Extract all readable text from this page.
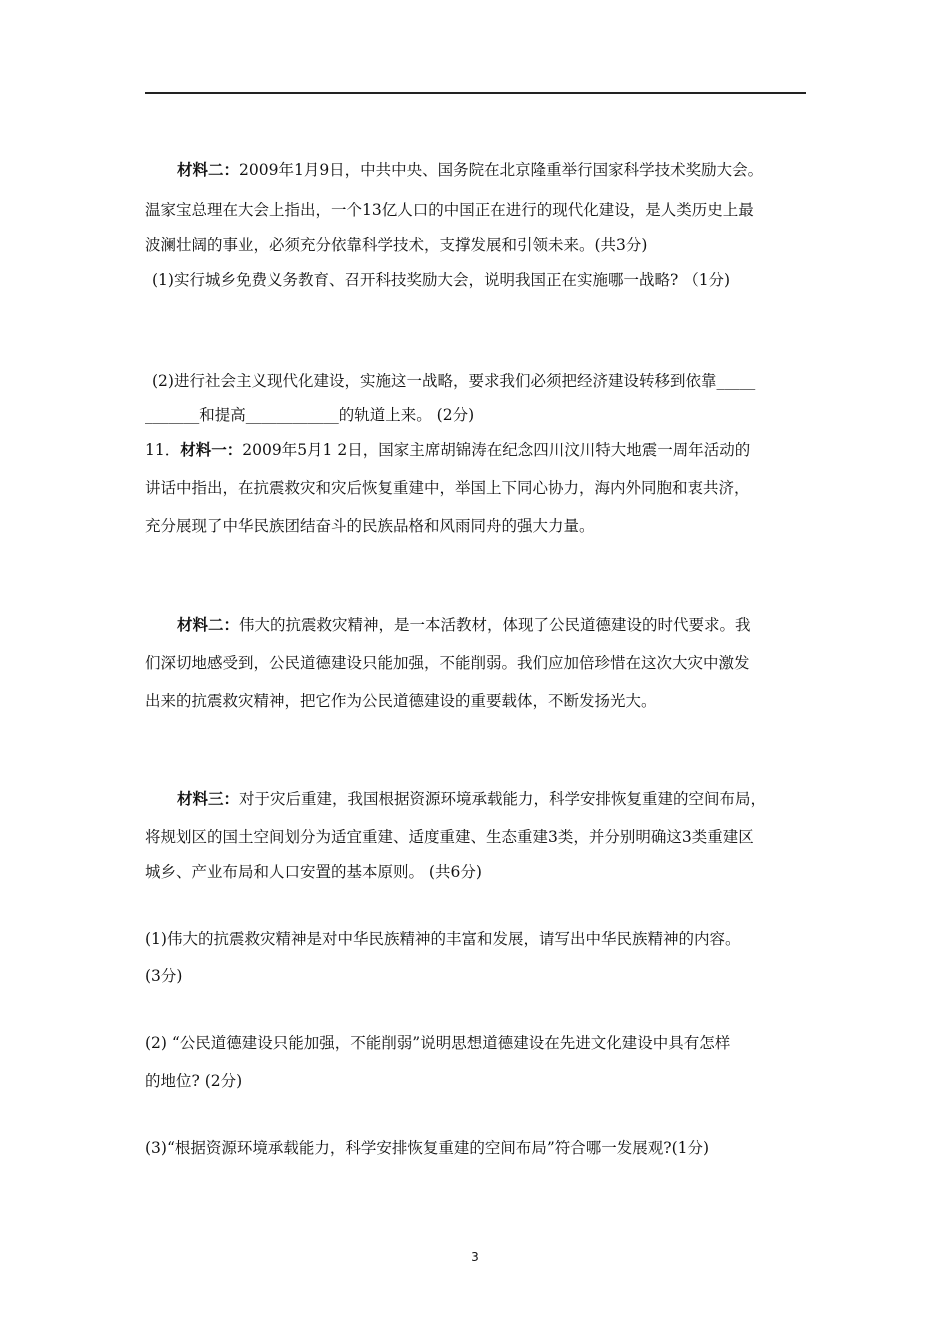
材料二：2009年1月9日，中共中央、国务院在北京隆重举行国家科学技术奖励大会。
温家宝总理在大会上指出，一个13亿人口的中国正在进行的现代化建设，是人类历史上最
波澜壮阔的事业，必须充分依靠科学技术，支撑发展和引领未来。(共3分)
(1)实行城乡免费义务教育、召开科技奖励大会，说明我国正在实施哪一战略? （1分)
(2)进行社会主义现代化建设，实施这一战略，要求我们必须把经济建设转移到依靠_____
_______和提高____________的轨道上来。 (2分)
11．材料一：2009年5月1 2日，国家主席胡锦涛在纪念四川汶川特大地震一周年活动的
讲话中指出，在抗震救灾和灾后恢复重建中，举国上下同心协力，海内外同胞和衷共济，
充分展现了中华民族团结奋斗的民族品格和风雨同舟的强大力量。
材料二：伟大的抗震救灾精神，是一本活教材，体现了公民道德建设的时代要求。我
们深切地感受到，公民道德建设只能加强，不能削弱。我们应加倍珍惜在这次大灾中激发
出来的抗震救灾精神，把它作为公民道德建设的重要载体，不断发扬光大。
材料三：对于灾后重建，我国根据资源环境承载能力，科学安排恢复重建的空间布局，
将规划区的国土空间划分为适宜重建、适度重建、生态重建3类，并分别明确这3类重建区
城乡、产业布局和人口安置的基本原则。 (共6分)
(1)伟大的抗震救灾精神是对中华民族精神的丰富和发展，请写出中华民族精神的内容。
(3分)
(2) “公民道德建设只能加强，不能削弱”说明思想道德建设在先进文化建设中具有怎样
的地位? (2分)
(3)“根据资源环境承载能力，科学安排恢复重建的空间布局”符合哪一发展观?(1分)
3
